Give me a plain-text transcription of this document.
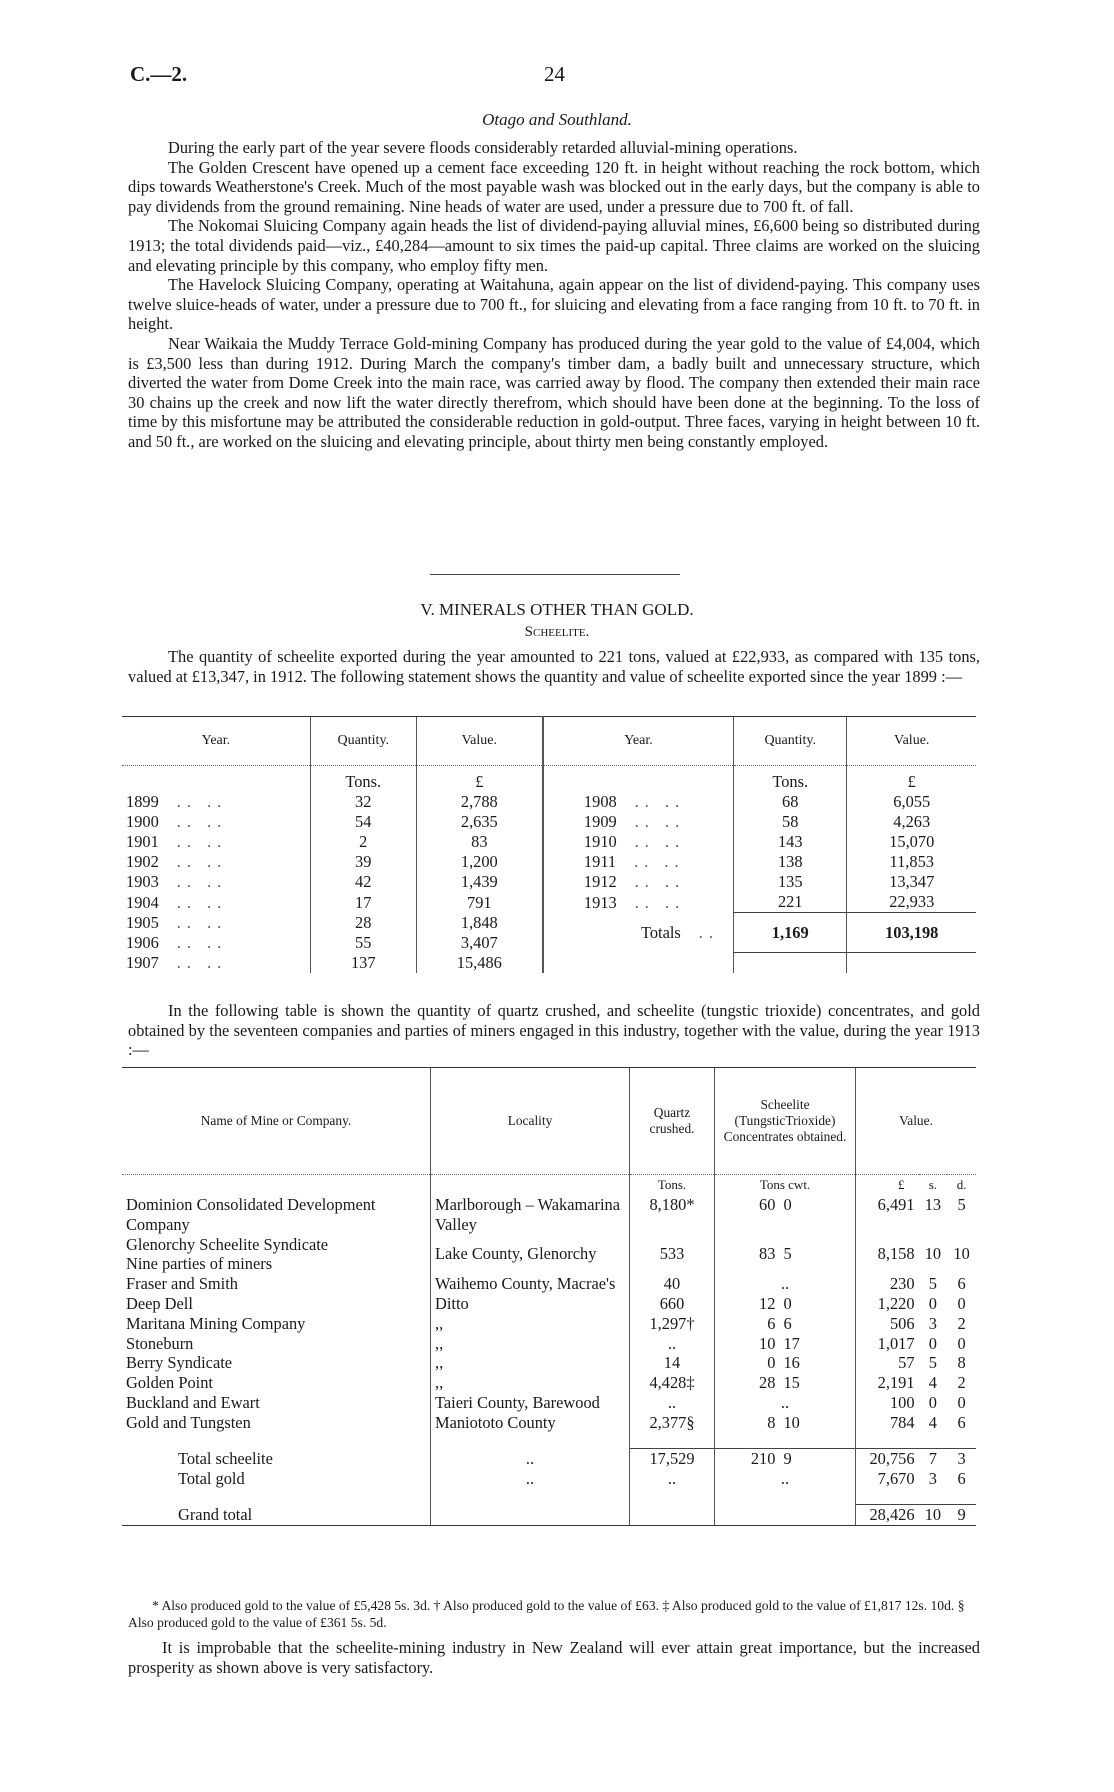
C.—2.	24
Otago and Southland.

During the early part of the year severe floods considerably retarded alluvial-mining operations.

The Golden Crescent have opened up a cement face exceeding 120 ft. in height without reaching the rock bottom, which dips towards Weatherstone's Creek. Much of the most payable wash was blocked out in the early days, but the company is able to pay dividends from the ground remaining. Nine heads of water are used, under a pressure due to 700 ft. of fall.

The Nokomai Sluicing Company again heads the list of dividend-paying alluvial mines, £6,600 being so distributed during 1913; the total dividends paid—viz., £40,284—amount to six times the paid-up capital. Three claims are worked on the sluicing and elevating principle by this company, who employ fifty men.

The Havelock Sluicing Company, operating at Waitahuna, again appear on the list of dividend-paying. This company uses twelve sluice-heads of water, under a pressure due to 700 ft., for sluicing and elevating from a face ranging from 10 ft. to 70 ft. in height.

Near Waikaia the Muddy Terrace Gold-mining Company has produced during the year gold to the value of £4,004, which is £3,500 less than during 1912. During March the company's timber dam, a badly built and unnecessary structure, which diverted the water from Dome Creek into the main race, was carried away by flood. The company then extended their main race 30 chains up the creek and now lift the water directly therefrom, which should have been done at the beginning. To the loss of time by this misfortune may be attributed the considerable reduction in gold-output. Three faces, varying in height between 10 ft. and 50 ft., are worked on the sluicing and elevating principle, about thirty men being constantly employed.

V. MINERALS OTHER THAN GOLD.
Scheelite.

The quantity of scheelite exported during the year amounted to 221 tons, valued at £22,933, as compared with 135 tons, valued at £13,347, in 1912. The following statement shows the quantity and value of scheelite exported since the year 1899 :—

Year.	Quantity.	Value.	Year.	Quantity.	Value.
	Tons.	£		Tons.	£
1899 .. ..	32	2,788	1908 .. ..	68	6,055
1900 .. ..	54	2,635	1909 .. ..	58	4,263
1901 .. ..	2	83	1910 .. ..	143	15,070
1902 .. ..	39	1,200	1911 .. ..	138	11,853
1903 .. ..	42	1,439	1912 .. ..	135	13,347
1904 .. ..	17	791	1913 .. ..	221	22,933
1905 .. ..	28	1,848	Totals ..	1,169	103,198
1906 .. ..	55	3,407			
1907 .. ..	137	15,486			

In the following table is shown the quantity of quartz crushed, and scheelite (tungstic trioxide) concentrates, and gold obtained by the seventeen companies and parties of miners engaged in this industry, together with the value, during the year 1913 :—

Name of Mine or Company.	Locality	Quartz crushed.	Scheelite (TungsticTrioxide) Concentrates obtained.		Value.		
		Tons.	Tons cwt.		£	s.	d.
Dominion Consolidated Development Company	Marlborough – Wakamarina Valley	8,180*	60	0	6,491	13	5

Glenorchy Scheelite Syndicate
Nine parties of miners	Lake County, Glenorchy	533	83	5	8,158	10	10
Fraser and Smith	Waihemo County, Macrae's	40	..		230	5	6
Deep Dell	Ditto	660	12	0	1,220	0	0
Maritana Mining Company	,,	1,297†	6	6	506	3	2
Stoneburn	,,	..	10	17	1,017	0	0
Berry Syndicate	,,	14	0	16	57	5	8
Golden Point	,,	4,428‡	28	15	2,191	4	2
Buckland and Ewart	Taieri County, Barewood	..	..		100	0	0
Gold and Tungsten	Maniototo County	2,377§	8	10	784	4	6
Total scheelite	..	17,529	210	9	20,756	7	3
Total gold	..	..	..		7,670	3	6
Grand total					28,426	10	9
* Also produced gold to the value of £5,428 5s. 3d. † Also produced gold to the value of £63. ‡ Also produced gold to the value of £1,817 12s. 10d. § Also produced gold to the value of £361 5s. 5d.

It is improbable that the scheelite-mining industry in New Zealand will ever attain great importance, but the increased prosperity as shown above is very satisfactory.
